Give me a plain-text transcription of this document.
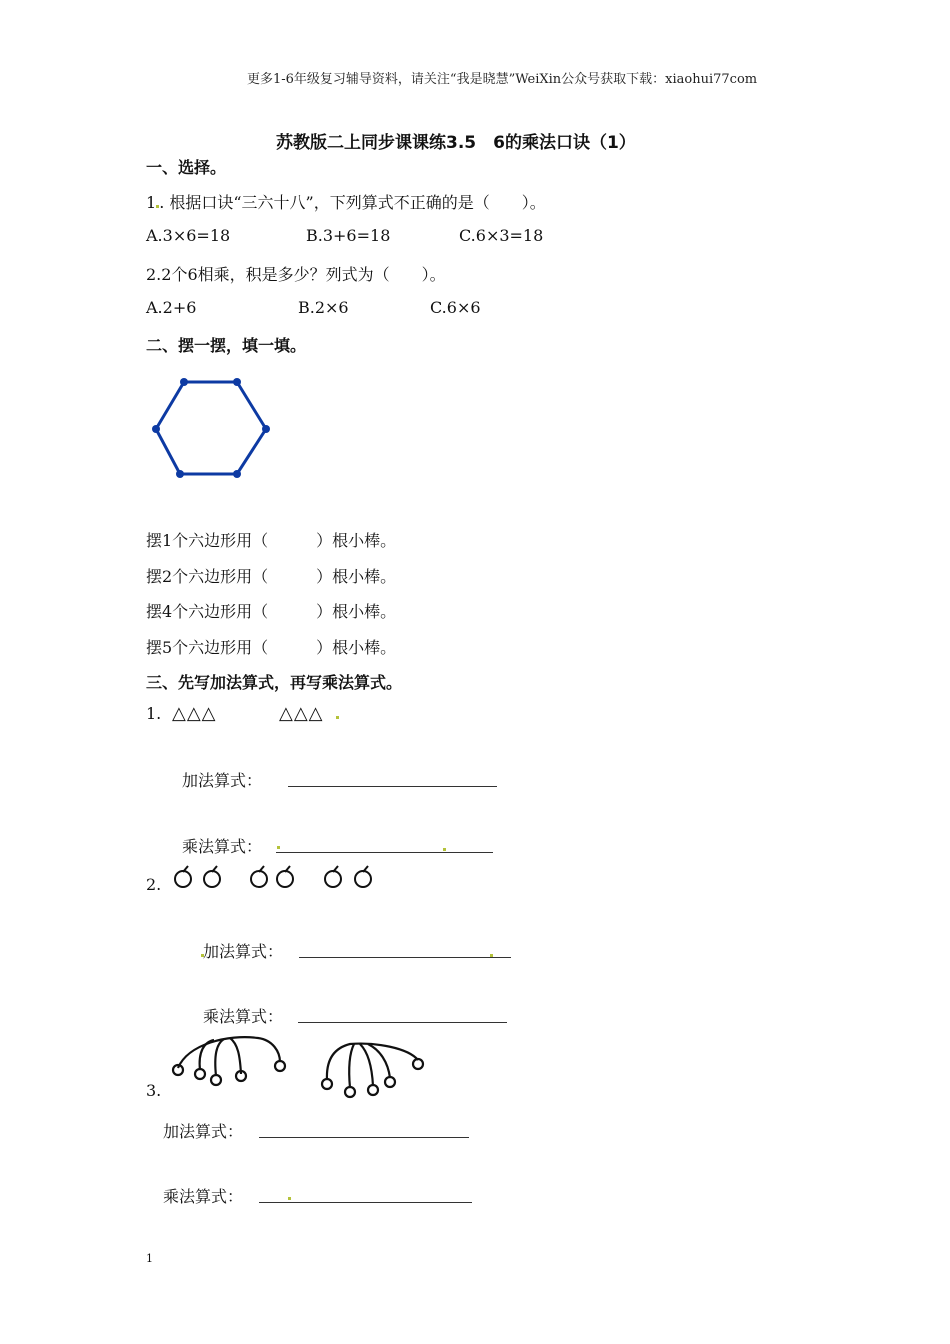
更多1-6年级复习辅导资料，请关注“我是晓慧”WeiXin公众号获取下载：xiaohui77com
苏教版二上同步课课练3.5　6的乘法口诀（1）
一、选择。
1 . 根据口诀“三六十八”，下列算式不正确的是（　　）。
A.3×6=18	B.3+6=18	C.6×3=18
2.2个6相乘，积是多少？列式为（　　）。
A.2+6	B.2×6	C.6×6
二、摆一摆，填一填。
摆1个六边形用（　　　）根小棒。
摆2个六边形用（　　　）根小棒。
摆4个六边形用（　　　）根小棒。
摆5个六边形用（　　　）根小棒。
三、先写加法算式，再写乘法算式。
1. △△△	△△△
加法算式：
乘法算式：
2.
加法算式：
乘法算式：
3.
加法算式：
乘法算式：
1
